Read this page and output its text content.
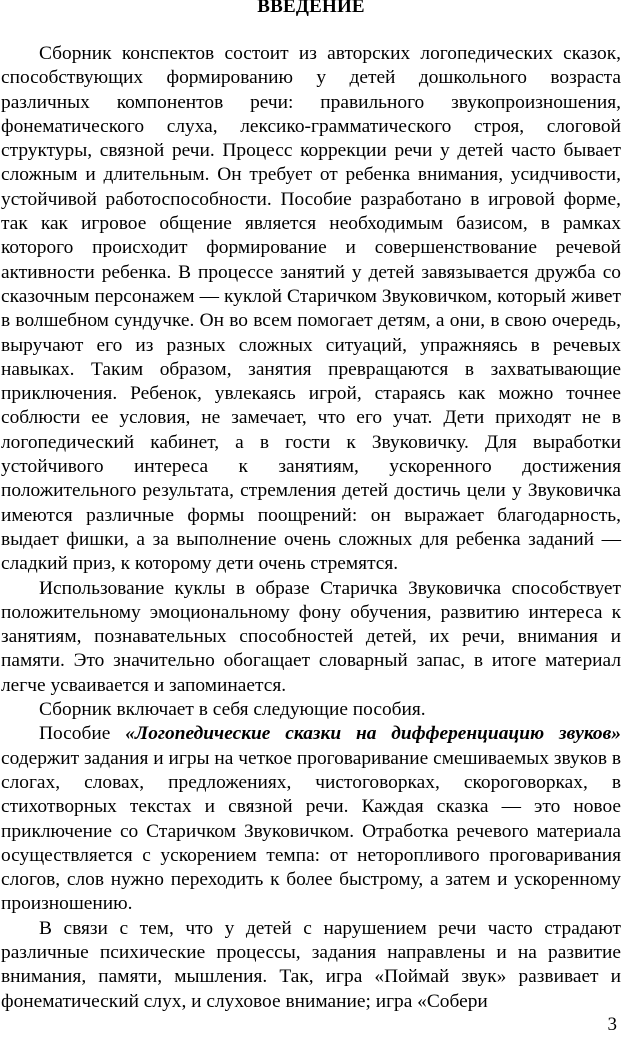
ВВЕДЕНИЕ

Сборник конспектов состоит из авторских логопедических сказок, способствующих формированию у детей дошкольного возраста различных компонентов речи: правильного звукопроизношения, фонематического слуха, лексико-грамматического строя, слоговой структуры, связной речи. Процесс коррекции речи у детей часто бывает сложным и длительным. Он требует от ребенка внимания, усидчивости, устойчивой работоспособности. Пособие разработано в игровой форме, так как игровое общение является необходимым базисом, в рамках которого происходит формирование и совершенствование речевой активности ребенка. В процессе занятий у детей завязывается дружба со сказочным персонажем — куклой Старичком Звуковичком, который живет в волшебном сундучке. Он во всем помогает детям, а они, в свою очередь, выручают его из разных сложных ситуаций, упражняясь в речевых навыках. Таким образом, занятия превращаются в захватывающие приключения. Ребенок, увлекаясь игрой, стараясь как можно точнее соблюсти ее условия, не замечает, что его учат. Дети приходят не в логопедический кабинет, а в гости к Звуковичку. Для выработки устойчивого интереса к занятиям, ускоренного достижения положительного результата, стремления детей достичь цели у Звуковичка имеются различные формы поощрений: он выражает благодарность, выдает фишки, а за выполнение очень сложных для ребенка заданий — сладкий приз, к которому дети очень стремятся.

Использование куклы в образе Старичка Звуковичка способствует положительному эмоциональному фону обучения, развитию интереса к занятиям, познавательных способностей детей, их речи, внимания и памяти. Это значительно обогащает словарный запас, в итоге материал легче усваивается и запоминается.

Сборник включает в себя следующие пособия.

Пособие «Логопедические сказки на дифференциацию звуков» содержит задания и игры на четкое проговаривание смешиваемых звуков в слогах, словах, предложениях, чистоговорках, скороговорках, в стихотворных текстах и связной речи. Каждая сказка — это новое приключение со Старичком Звуковичком. Отработка речевого материала осуществляется с ускорением темпа: от неторопливого проговаривания слогов, слов нужно переходить к более быстрому, а затем и ускоренному произношению.

В связи с тем, что у детей с нарушением речи часто страдают различные психические процессы, задания направлены и на развитие внимания, памяти, мышления. Так, игра «Поймай звук» развивает и фонематический слух, и слуховое внимание; игра «Собери

3
